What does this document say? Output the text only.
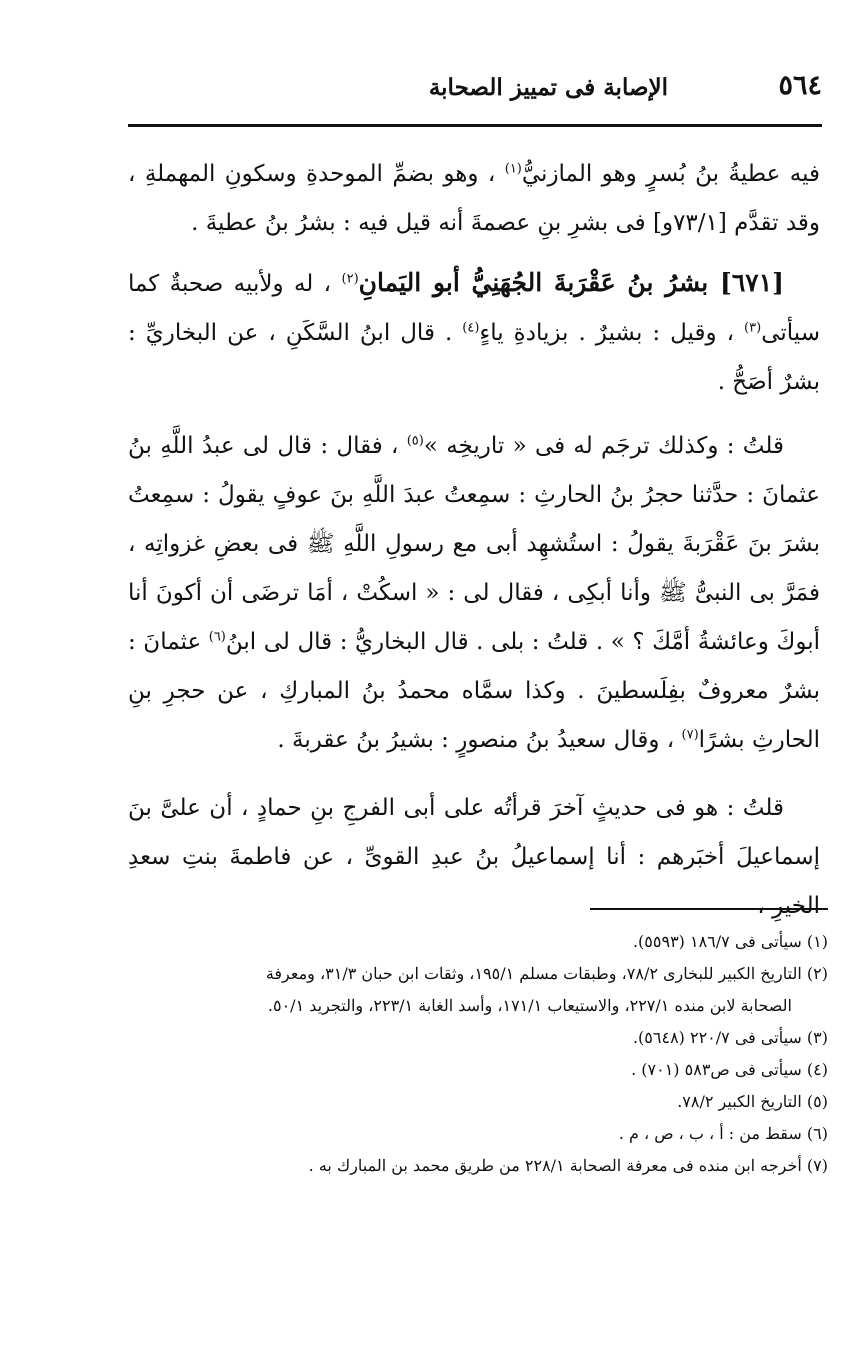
٥٦٤
الإصابة فى تمييز الصحابة

فيه عطيةُ بنُ بُسرٍ وهو المازنيُّ$^{(١)}$ ، وهو بضمِّ الموحدةِ وسكونِ المهملةِ ، وقد تقدَّم [٧٣/١و] فى بشرِ بنِ عصمةَ أنه قيل فيه : بشرُ بنُ عطيةَ .

[٦٧١] بشرُ بنُ عَقْرَبةَ الجُهَنِيُّ أبو اليَمانِ$^{(٢)}$ ، له ولأبيه صحبةٌ كما سيأتى$^{(٣)}$ ، وقيل : بشيرٌ . بزيادةِ ياءٍ$^{(٤)}$ . قال ابنُ السَّكَنِ ، عن البخاريِّ : بشرٌ أصَحُّ .

قلتُ : وكذلك ترجَم له فى « تاريخِه »$^{(٥)}$ ، فقال : قال لى عبدُ اللَّهِ بنُ عثمانَ : حدَّثنا حجرُ بنُ الحارثِ : سمِعتُ عبدَ اللَّهِ بنَ عوفٍ يقولُ : سمِعتُ بشرَ بنَ عَقْرَبةَ يقولُ : استُشهِد أبى مع رسولِ اللَّهِ ﷺ فى بعضِ غزواتِه ، فمَرَّ بى النبىُّ ﷺ وأنا أبكِى ، فقال لى : « اسكُتْ ، أمَا ترضَى أن أكونَ أنا أبوكَ وعائشةُ أمَّكَ ؟ » . قلتُ : بلى . قال البخاريُّ : قال لى ابنُ$^{(٦)}$ عثمانَ : بشرٌ معروفٌ بفِلَسطينَ . وكذا سمَّاه محمدُ بنُ المباركِ ، عن حجرِ بنِ الحارثِ بشرًا$^{(٧)}$ ، وقال سعيدُ بنُ منصورٍ : بشيرُ بنُ عقربةَ .

قلتُ : هو فى حديثٍ آخرَ قرأتُه على أبى الفرجِ بنِ حمادٍ ، أن علىَّ بنَ إسماعيلَ أخبَرهم : أنا إسماعيلُ بنُ عبدِ القوىِّ ، عن فاطمةَ بنتِ سعدِ الخيرِ ،

(١) سيأتى فى ١٨٦/٧ (٥٥٩٣).
(٢) التاريخ الكبير للبخارى ٧٨/٢، وطبقات مسلم ١٩٥/١، وثقات ابن حبان ٣١/٣، ومعرفة
الصحابة لابن منده ٢٢٧/١، والاستيعاب ١٧١/١، وأسد الغابة ٢٢٣/١، والتجريد ٥٠/١.
(٣) سيأتى فى ٢٢٠/٧ (٥٦٤٨).
(٤) سيأتى فى ص٥٨٣ (٧٠١) .
(٥) التاريخ الكبير ٧٨/٢.
(٦) سقط من : أ ، ب ، ص ، م .
(٧) أخرجه ابن منده فى معرفة الصحابة ٢٢٨/١ من طريق محمد بن المبارك به .
